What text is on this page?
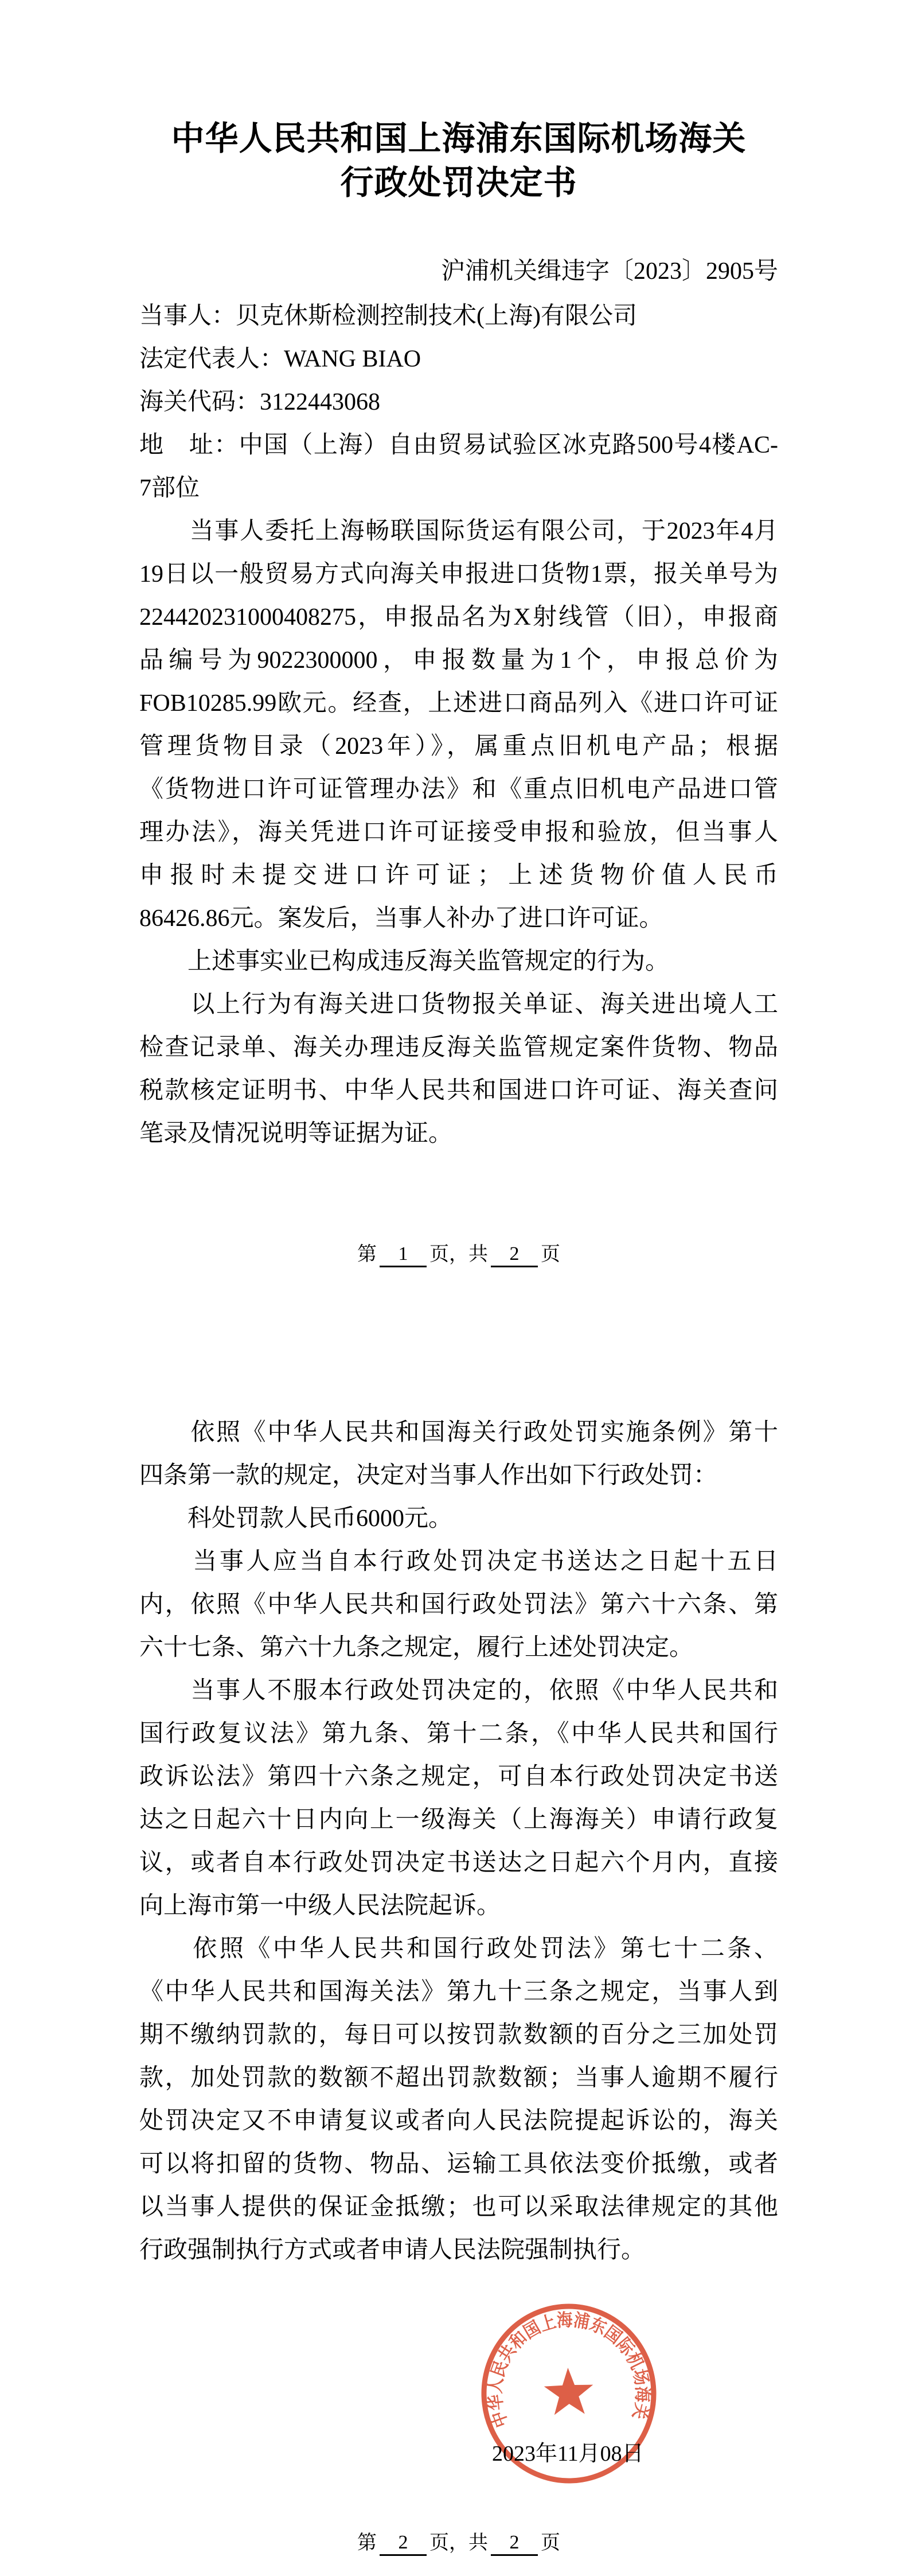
中华人民共和国上海浦东国际机场海关
行政处罚决定书
沪浦机关缉违字〔2023〕2905号
当事人：贝克休斯检测控制技术(上海)有限公司
法定代表人：WANG BIAO
海关代码：3122443068
地　址：中国（上海）自由贸易试验区冰克路500号4楼AC-
7部位
　　当事人委托上海畅联国际货运有限公司，于2023年4月
19日以一般贸易方式向海关申报进口货物1票，报关单号为
224420231000408275，申报品名为X射线管（旧），申报商
品编号为9022300000，申报数量为1个，申报总价为
FOB10285.99欧元。经查，上述进口商品列入《进口许可证
管理货物目录（2023年）》，属重点旧机电产品；根据
《货物进口许可证管理办法》和《重点旧机电产品进口管
理办法》，海关凭进口许可证接受申报和验放，但当事人
申报时未提交进口许可证；上述货物价值人民币
86426.86元。案发后，当事人补办了进口许可证。
　　上述事实业已构成违反海关监管规定的行为。
　　以上行为有海关进口货物报关单证、海关进出境人工
检查记录单、海关办理违反海关监管规定案件货物、物品
税款核定证明书、中华人民共和国进口许可证、海关查问
笔录及情况说明等证据为证。
第 1 页，共 2 页
　　依照《中华人民共和国海关行政处罚实施条例》第十
四条第一款的规定，决定对当事人作出如下行政处罚：
　　科处罚款人民币6000元。
　　当事人应当自本行政处罚决定书送达之日起十五日
内，依照《中华人民共和国行政处罚法》第六十六条、第
六十七条、第六十九条之规定，履行上述处罚决定。
　　当事人不服本行政处罚决定的，依照《中华人民共和
国行政复议法》第九条、第十二条，《中华人民共和国行
政诉讼法》第四十六条之规定，可自本行政处罚决定书送
达之日起六十日内向上一级海关（上海海关）申请行政复
议，或者自本行政处罚决定书送达之日起六个月内，直接
向上海市第一中级人民法院起诉。
　　依照《中华人民共和国行政处罚法》第七十二条、
《中华人民共和国海关法》第九十三条之规定，当事人到
期不缴纳罚款的，每日可以按罚款数额的百分之三加处罚
款，加处罚款的数额不超出罚款数额；当事人逾期不履行
处罚决定又不申请复议或者向人民法院提起诉讼的，海关
可以将扣留的货物、物品、运输工具依法变价抵缴，或者
以当事人提供的保证金抵缴；也可以采取法律规定的其他
行政强制执行方式或者申请人民法院强制执行。
中华人民共和国上海浦东国际机场海关
2023年11月08日
第 2 页，共 2 页
